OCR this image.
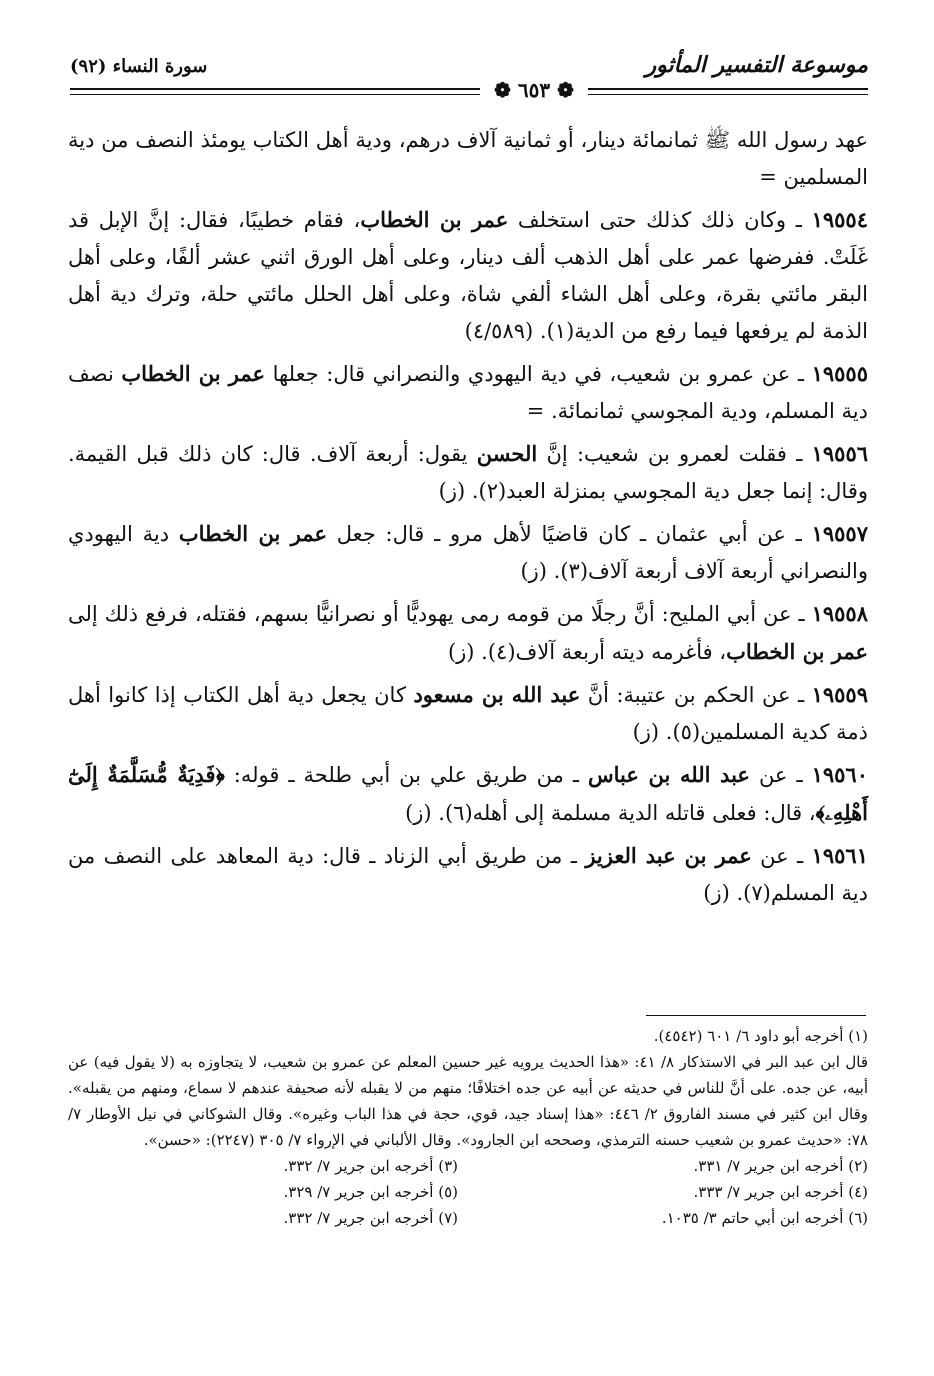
موسوعة التفسير المأثور
❁ ٦٥٣ ❁
سورة النساء (٩٢)

عهد رسول الله ﷺ ثمانمائة دينار، أو ثمانية آلاف درهم، ودية أهل الكتاب يومئذ النصف من دية المسلمين =

١٩٥٥٤ ـ وكان ذلك كذلك حتى استخلف عمر بن الخطاب، فقام خطيبًا، فقال: إنَّ الإبل قد غَلَتْ. ففرضها عمر على أهل الذهب ألف دينار، وعلى أهل الورق اثني عشر ألفًا، وعلى أهل البقر مائتي بقرة، وعلى أهل الشاء ألفي شاة، وعلى أهل الحلل مائتي حلة، وترك دية أهل الذمة لم يرفعها فيما رفع من الدية(١). (٤/٥٨٩)

١٩٥٥٥ ـ عن عمرو بن شعيب، في دية اليهودي والنصراني قال: جعلها عمر بن الخطاب نصف دية المسلم، ودية المجوسي ثمانمائة. =

١٩٥٥٦ ـ فقلت لعمرو بن شعيب: إنَّ الحسن يقول: أربعة آلاف. قال: كان ذلك قبل القيمة. وقال: إنما جعل دية المجوسي بمنزلة العبد(٢). (ز)

١٩٥٥٧ ـ عن أبي عثمان ـ كان قاضيًا لأهل مرو ـ قال: جعل عمر بن الخطاب دية اليهودي والنصراني أربعة آلاف أربعة آلاف(٣). (ز)

١٩٥٥٨ ـ عن أبي المليح: أنَّ رجلًا من قومه رمى يهوديًّا أو نصرانيًّا بسهم، فقتله، فرفع ذلك إلى عمر بن الخطاب، فأغرمه ديته أربعة آلاف(٤). (ز)

١٩٥٥٩ ـ عن الحكم بن عتيبة: أنَّ عبد الله بن مسعود كان يجعل دية أهل الكتاب إذا كانوا أهل ذمة كدية المسلمين(٥). (ز)

١٩٥٦٠ ـ عن عبد الله بن عباس ـ من طريق علي بن أبي طلحة ـ قوله: ﴿فَدِيَةٌ مُّسَلَّمَةٌ إِلَىٰٓ أَهْلِهِۦ﴾، قال: فعلى قاتله الدية مسلمة إلى أهله(٦). (ز)

١٩٥٦١ ـ عن عمر بن عبد العزيز ـ من طريق أبي الزناد ـ قال: دية المعاهد على النصف من دية المسلم(٧). (ز)

(١) أخرجه أبو داود ٦/ ٦٠١ (٤٥٤٢).

قال ابن عبد البر في الاستذكار ٨/ ٤١: «هذا الحديث يرويه غير حسين المعلم عن عمرو بن شعيب، لا يتجاوزه به (لا يقول فيه) عن أبيه، عن جده. على أنَّ للناس في حديثه عن أبيه عن جده اختلافًا؛ منهم من لا يقبله لأنه صحيفة عندهم لا سماع، ومنهم من يقبله». وقال ابن كثير في مسند الفاروق ٢/ ٤٤٦: «هذا إسناد جيد، قوي، حجة في هذا الباب وغيره». وقال الشوكاني في نيل الأوطار ٧/ ٧٨: «حديث عمرو بن شعيب حسنه الترمذي، وصححه ابن الجارود». وقال الألباني في الإرواء ٧/ ٣٠٥ (٢٢٤٧): «حسن».

(٢) أخرجه ابن جرير ٧/ ٣٣١.

(٣) أخرجه ابن جرير ٧/ ٣٣٢.

(٤) أخرجه ابن جرير ٧/ ٣٣٣.

(٥) أخرجه ابن جرير ٧/ ٣٢٩.

(٦) أخرجه ابن أبي حاتم ٣/ ١٠٣٥.

(٧) أخرجه ابن جرير ٧/ ٣٣٢.
